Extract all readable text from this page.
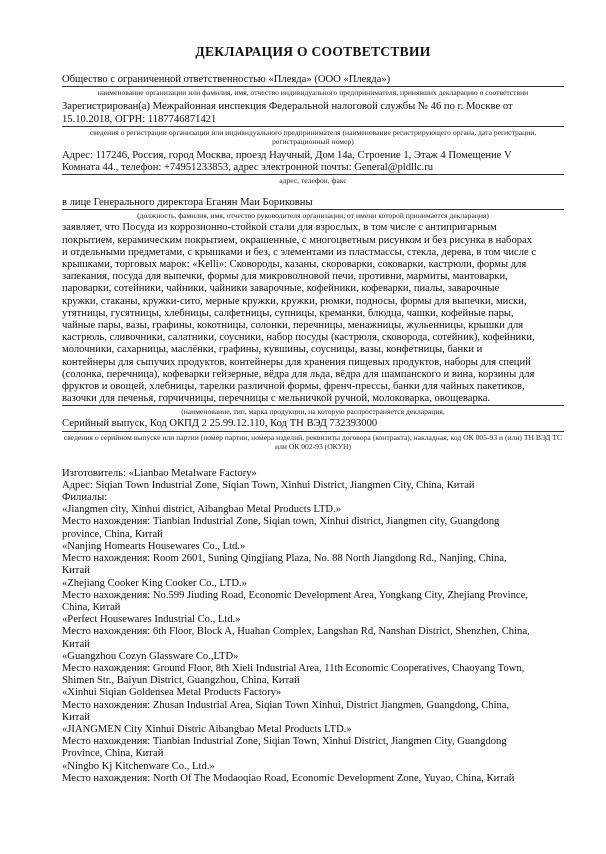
ДЕКЛАРАЦИЯ О СООТВЕТСТВИИ
Общество с ограниченной ответственностью «Плеяда» (ООО «Плеяда»)
наименование организации или фамилия, имя, отчество индивидуального предпринимателя, принявших декларацию о соответствии
Зарегистрирован(а) Межрайонная инспекция Федеральной налоговой службы № 46 по г. Москве от
15.10.2018, ОГРН: 1187746871421
сведения о регистрации организации или индивидуального предпринимателя (наименование регистрирующего органа, дата регистрации, регистрационный номер)
Адрес: 117246, Россия, город Москва, проезд Научный, Дом 14а, Строение 1, Этаж 4 Помещение V
Комната 44., телефон: +74951233853, адрес электронной почты: General@pldllc.ru
адрес, телефон, факс
в лице Генерального директора Еганян Маи Бориковны
(должность, фамилия, имя, отчество руководителя организации, от имени которой принимается декларация)
заявляет, что Посуда из коррозионно-стойкой стали для взрослых, в том числе с антипригарным
покрытием, керамическим покрытием, окрашенные, с многоцветным рисунком и без рисунка в наборах
и отдельными предметами, с крышками и без, с элементами из пластмассы, стекла, дерева, в том числе с
крышками, торговых марок: «Kelli»: Сковороды, казаны, скороварки, соковарки, кастрюли, формы для
запекания, посуда для выпечки, формы для микроволновой печи, противни, мармиты, мантоварки,
пароварки, сотейники, чайники, чайники заварочные, кофейники, кофеварки, пиалы, заварочные
кружки, стаканы, кружки-сито, мерные кружки, кружки, рюмки, подносы, формы для выпечки, миски,
утятницы, гусятницы, хлебницы, салфетницы, супницы, креманки, блюдца, чашки, кофейные пары,
чайные пары, вазы, графины, кокотницы, солонки, перечницы, менажницы, жульенницы, крышки для
кастрюль, сливочники, салатники, соусники, набор посуды (кастрюля, сковорода, сотейник), кофейники,
молочники, сахарницы, маслёнки, графины, кувшины, соусницы, вазы, конфетницы, банки и
контейнеры для сыпучих продуктов, контейнеры для хранения пищевых продуктов, наборы для специй
(солонка, перечница), кофеварки гейзерные, вёдра для льда, вёдра для шампанского и вина, корзины для
фруктов и овощей, хлебницы, тарелки различной формы, френч-прессы, банки для чайных пакетиков,
вазочки для печенья, горчичницы, перечницы с мельничкой ручной, молоковарка, овощеварка.
(наименование, тип, марка продукции, на которую распространяется декларация,
Серийный выпуск, Код ОКПД 2 25.99.12.110, Код ТН ВЭД 732393000
сведения о серийном выпуске или партии (номер партии, номера изделий, реквизиты договора (контракта), накладная, код ОК 005-93 и (или) ТН ВЭД ТС или ОК 002-93 (ОКУН)
Изготовитель: «Lianbao Metalware Factory»
Адрес: Siqian Town Industrial Zone, Siqian Town, Xinhui District, Jiangmen City, China, Китай
Филиалы:
«Jiangmen city, Xinhui district, Aibangbao Metal Products LTD.»
Место нахождения: Tianbian Industrial Zone, Siqian town, Xinhui district, Jiangmen city, Guangdong
province, China, Китай
«Nanjing Homearts Housewares Co., Ltd.»
Место нахождения: Room 2601, Suning Qingjiang Plaza, No. 88 North Jiangdong Rd., Nanjing, China,
Китай
«Zhejiang Cooker King Cooker Co., LTD.»
Место нахождения: No.599 Jiuding Road, Economic Development Area, Yongkang City, Zhejiang Province,
China, Китай
«Perfect Housewares Industrial Co., Ltd.»
Место нахождения: 6th Floor, Block A, Huahan Complex, Langshan Rd, Nanshan District, Shenzhen, China,
Китай
«Guangzhou Cozyn Glassware Co.,LTD»
Место нахождения: Ground Floor, 8th Xieli Industrial Area, 11th Economic Cooperatives, Chaoyang Town,
Shimen Str., Baiyun District, Guangzhou, China, Китай
«Xinhui Siqian Goldensea Metal Products Factory»
Место нахождения: Zhusan Industrial Area, Siqian Town Xinhui, District Jiangmen, Guangdong, China,
Китай
«JIANGMEN City Xinhui Distric Aibangbao Metal Products LTD.»
Место нахождения: Tianbian Industrial Zone, Siqian Town, Xinhui District, Jiangmen City, Guangdong
Province, China, Китай
«Ningbo Kj Kitchenware Co., Ltd.»
Место нахождения: North Of The Modaoqiao Road, Economic Development Zone, Yuyao, China, Китай
